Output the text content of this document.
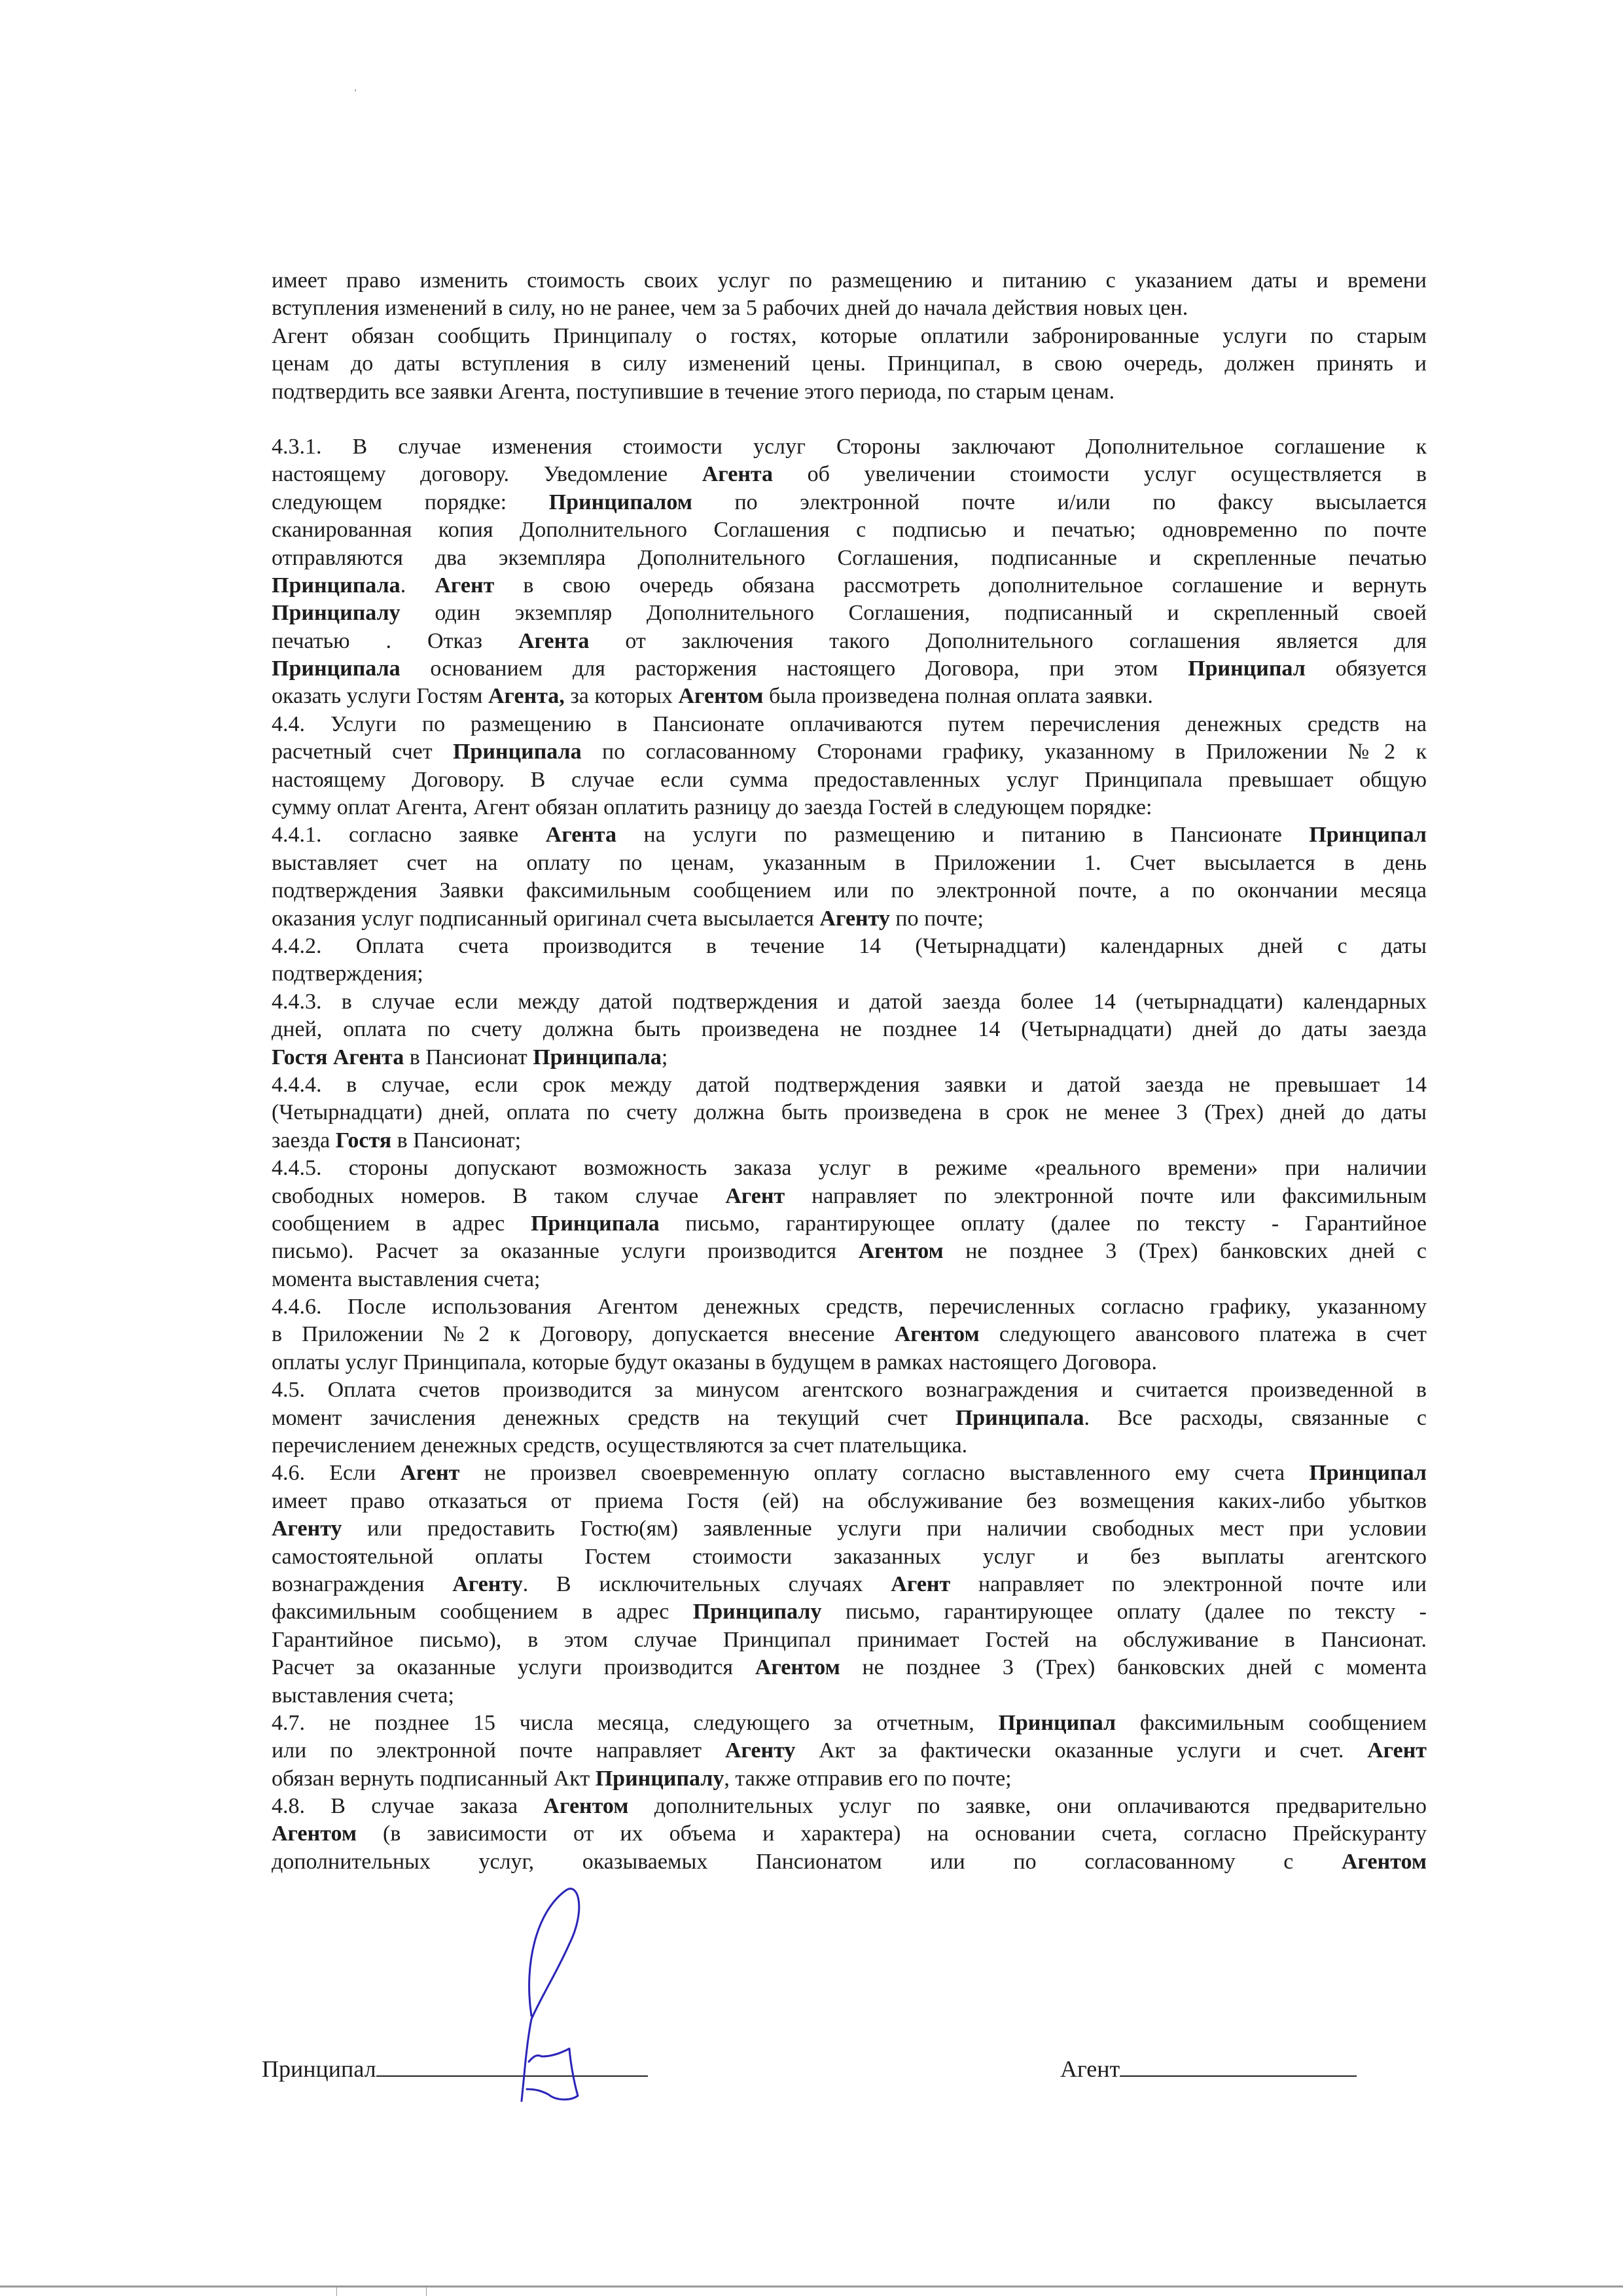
имеет право изменить стоимость своих услуг по размещению и питанию с указанием даты и времени
вступления изменений в силу, но не ранее, чем за 5 рабочих дней до начала действия новых цен.
Агент обязан сообщить Принципалу о гостях, которые оплатили забронированные услуги по старым
ценам до даты вступления в силу изменений цены. Принципал, в свою очередь, должен принять и
подтвердить все заявки Агента, поступившие в течение этого периода, по старым ценам.
4.3.1. В случае изменения стоимости услуг Стороны заключают Дополнительное соглашение к
настоящему договору. Уведомление Агента об увеличении стоимости услуг осуществляется в
следующем порядке: Принципалом по электронной почте и/или по факсу высылается
сканированная копия Дополнительного Соглашения с подписью и печатью; одновременно по почте
отправляются два экземпляра Дополнительного Соглашения, подписанные и скрепленные печатью
Принципала. Агент в свою очередь обязана рассмотреть дополнительное соглашение и вернуть
Принципалу один экземпляр Дополнительного Соглашения, подписанный и скрепленный своей
печатью . Отказ Агента от заключения такого Дополнительного соглашения является для
Принципала основанием для расторжения настоящего Договора, при этом Принципал обязуется
оказать услуги Гостям Агента, за которых Агентом была произведена полная оплата заявки.
4.4. Услуги по размещению в Пансионате оплачиваются путем перечисления денежных средств на
расчетный счет Принципала по согласованному Сторонами графику, указанному в Приложении №2 к
настоящему Договору. В случае если сумма предоставленных услуг Принципала превышает общую
сумму оплат Агента, Агент обязан оплатить разницу до заезда Гостей в следующем порядке:
4.4.1. согласно заявке Агента на услуги по размещению и питанию в Пансионате Принципал
выставляет счет на оплату по ценам, указанным в Приложении 1. Счет высылается в день
подтверждения Заявки факсимильным сообщением или по электронной почте, а по окончании месяца
оказания услуг подписанный оригинал счета высылается Агенту по почте;
4.4.2. Оплата счета производится в течение 14 (Четырнадцати) календарных дней с даты
подтверждения;
4.4.3. в случае если между датой подтверждения и датой заезда более 14 (четырнадцати) календарных
дней, оплата по счету должна быть произведена не позднее 14 (Четырнадцати) дней до даты заезда
Гостя Агента в Пансионат Принципала;
4.4.4. в случае, если срок между датой подтверждения заявки и датой заезда не превышает 14
(Четырнадцати) дней, оплата по счету должна быть произведена в срок не менее 3 (Трех) дней до даты
заезда Гостя в Пансионат;
4.4.5. стороны допускают возможность заказа услуг в режиме «реального времени» при наличии
свободных номеров. В таком случае Агент направляет по электронной почте или факсимильным
сообщением в адрес Принципала письмо, гарантирующее оплату (далее по тексту - Гарантийное
письмо). Расчет за оказанные услуги производится Агентом не позднее 3 (Трех) банковских дней с
момента выставления счета;
4.4.6. После использования Агентом денежных средств, перечисленных согласно графику, указанному
в Приложении №2 к Договору, допускается внесение Агентом следующего авансового платежа в счет
оплаты услуг Принципала, которые будут оказаны в будущем в рамках настоящего Договора.
4.5. Оплата счетов производится за минусом агентского вознаграждения и считается произведенной в
момент зачисления денежных средств на текущий счет Принципала. Все расходы, связанные с
перечислением денежных средств, осуществляются за счет плательщика.
4.6. Если Агент не произвел своевременную оплату согласно выставленного ему счета Принципал
имеет право отказаться от приема Гостя (ей) на обслуживание без возмещения каких-либо убытков
Агенту или предоставить Гостю(ям) заявленные услуги при наличии свободных мест при условии
самостоятельной оплаты Гостем стоимости заказанных услуг и без выплаты агентского
вознаграждения Агенту. В исключительных случаях Агент направляет по электронной почте или
факсимильным сообщением в адрес Принципалу письмо, гарантирующее оплату (далее по тексту -
Гарантийное письмо), в этом случае Принципал принимает Гостей на обслуживание в Пансионат.
Расчет за оказанные услуги производится Агентом не позднее 3 (Трех) банковских дней с момента
выставления счета;
4.7. не позднее 15 числа месяца, следующего за отчетным, Принципал факсимильным сообщением
или по электронной почте направляет Агенту Акт за фактически оказанные услуги и счет. Агент
обязан вернуть подписанный Акт Принципалу, также отправив его по почте;
4.8. В случае заказа Агентом дополнительных услуг по заявке, они оплачиваются предварительно
Агентом (в зависимости от их объема и характера) на основании счета, согласно Прейскуранту
дополнительных услуг, оказываемых Пансионатом или по согласованному с Агентом
Принципал	Агент
